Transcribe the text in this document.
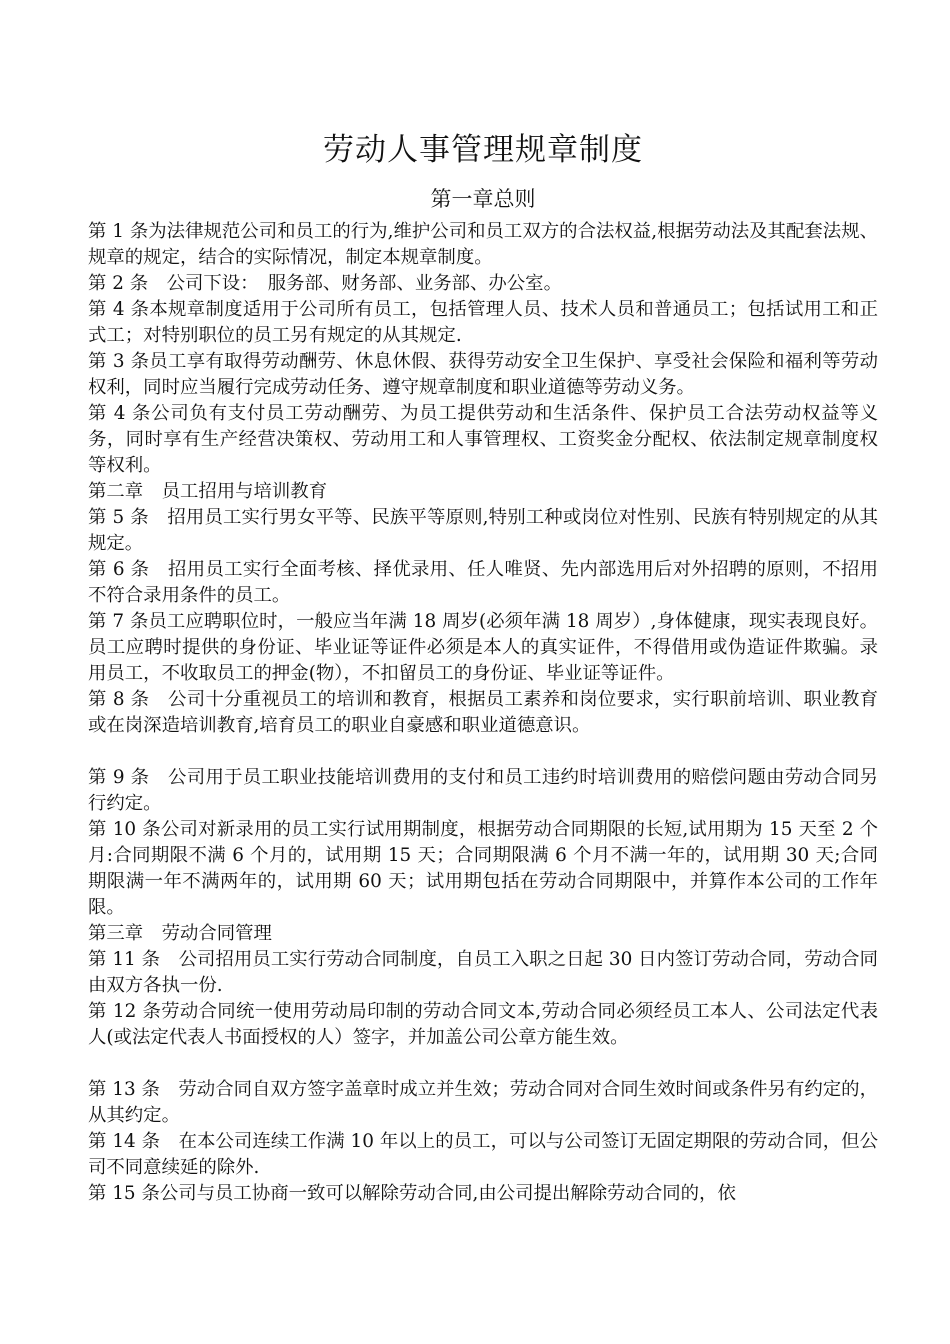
劳动人事管理规章制度
第一章总则

第 1 条为法律规范公司和员工的行为,维护公司和员工双方的合法权益,根据劳动法及其配套法规、规章的规定，结合的实际情况，制定本规章制度。

第 2 条　公司下设：　服务部、财务部、业务部、办公室。

第 4 条本规章制度适用于公司所有员工，包括管理人员、技术人员和普通员工；包括试用工和正式工；对特别职位的员工另有规定的从其规定.

第 3 条员工享有取得劳动酬劳、休息休假、获得劳动安全卫生保护、享受社会保险和福利等劳动权利，同时应当履行完成劳动任务、遵守规章制度和职业道德等劳动义务。

第 4 条公司负有支付员工劳动酬劳、为员工提供劳动和生活条件、保护员工合法劳动权益等义务，同时享有生产经营决策权、劳动用工和人事管理权、工资奖金分配权、依法制定规章制度权等权利。

第二章　员工招用与培训教育

第 5 条　招用员工实行男女平等、民族平等原则,特别工种或岗位对性别、民族有特别规定的从其规定。

第 6 条　招用员工实行全面考核、择优录用、任人唯贤、先内部选用后对外招聘的原则，不招用不符合录用条件的员工。

第 7 条员工应聘职位时，一般应当年满 18 周岁(必须年满 18 周岁）,身体健康，现实表现良好。员工应聘时提供的身份证、毕业证等证件必须是本人的真实证件，不得借用或伪造证件欺骗。录用员工，不收取员工的押金(物），不扣留员工的身份证、毕业证等证件。

第 8 条　公司十分重视员工的培训和教育，根据员工素养和岗位要求，实行职前培训、职业教育或在岗深造培训教育,培育员工的职业自豪感和职业道德意识。

第 9 条　公司用于员工职业技能培训费用的支付和员工违约时培训费用的赔偿问题由劳动合同另行约定。

第 10 条公司对新录用的员工实行试用期制度，根据劳动合同期限的长短,试用期为 15 天至 2 个月:合同期限不满 6 个月的，试用期 15 天；合同期限满 6 个月不满一年的，试用期 30 天;合同期限满一年不满两年的，试用期 60 天；试用期包括在劳动合同期限中，并算作本公司的工作年限。

第三章　劳动合同管理

第 11 条　公司招用员工实行劳动合同制度，自员工入职之日起 30 日内签订劳动合同，劳动合同由双方各执一份.

第 12 条劳动合同统一使用劳动局印制的劳动合同文本,劳动合同必须经员工本人、公司法定代表人(或法定代表人书面授权的人）签字，并加盖公司公章方能生效。

第 13 条　劳动合同自双方签字盖章时成立并生效；劳动合同对合同生效时间或条件另有约定的，从其约定。

第 14 条　在本公司连续工作满 10 年以上的员工，可以与公司签订无固定期限的劳动合同，但公司不同意续延的除外.

第 15 条公司与员工协商一致可以解除劳动合同,由公司提出解除劳动合同的，依
